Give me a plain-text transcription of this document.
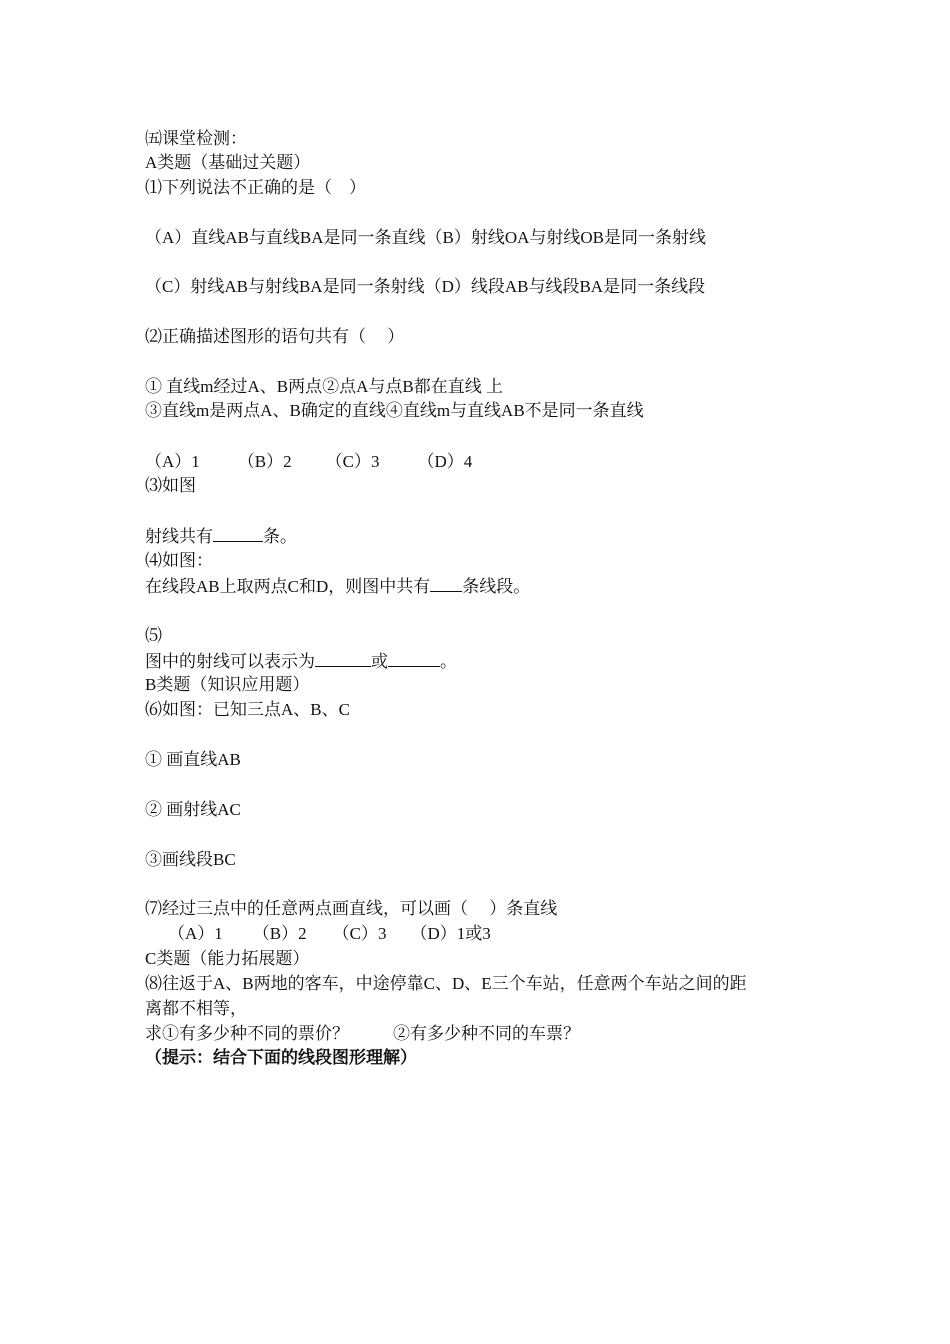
㈤课堂检测：
A类题（基础过关题）
⑴下列说法不正确的是（　）
（A）直线AB与直线BA是同一条直线（B）射线OA与射线OB是同一条射线
（C）射线AB与射线BA是同一条射线（D）线段AB与线段BA是同一条线段
⑵正确描述图形的语句共有（　 ）
① 直线m经过A、B两点②点A与点B都在直线 上
③直线m是两点A、B确定的直线④直线m与直线AB不是同一条直线
（A）1 （B）2 （C）3 （D）4
⑶如图
射线共有	条。
⑷如图：
在线段AB上取两点C和D，则图中共有 条线段。
⑸
图中的射线可以表示为	或	。
B类题（知识应用题）
⑹如图：已知三点A、B、C
① 画直线AB
② 画射线AC
③画线段BC
⑺经过三点中的任意两点画直线，可以画（　 ）条直线
（A）1 （B）2 （C）3 （D）1或3
C类题（能力拓展题）
⑻往返于A、B两地的客车，中途停靠C、D、E三个车站，任意两个车站之间的距
离都不相等，
求①有多少种不同的票价？	②有多少种不同的车票？
（提示：结合下面的线段图形理解）
